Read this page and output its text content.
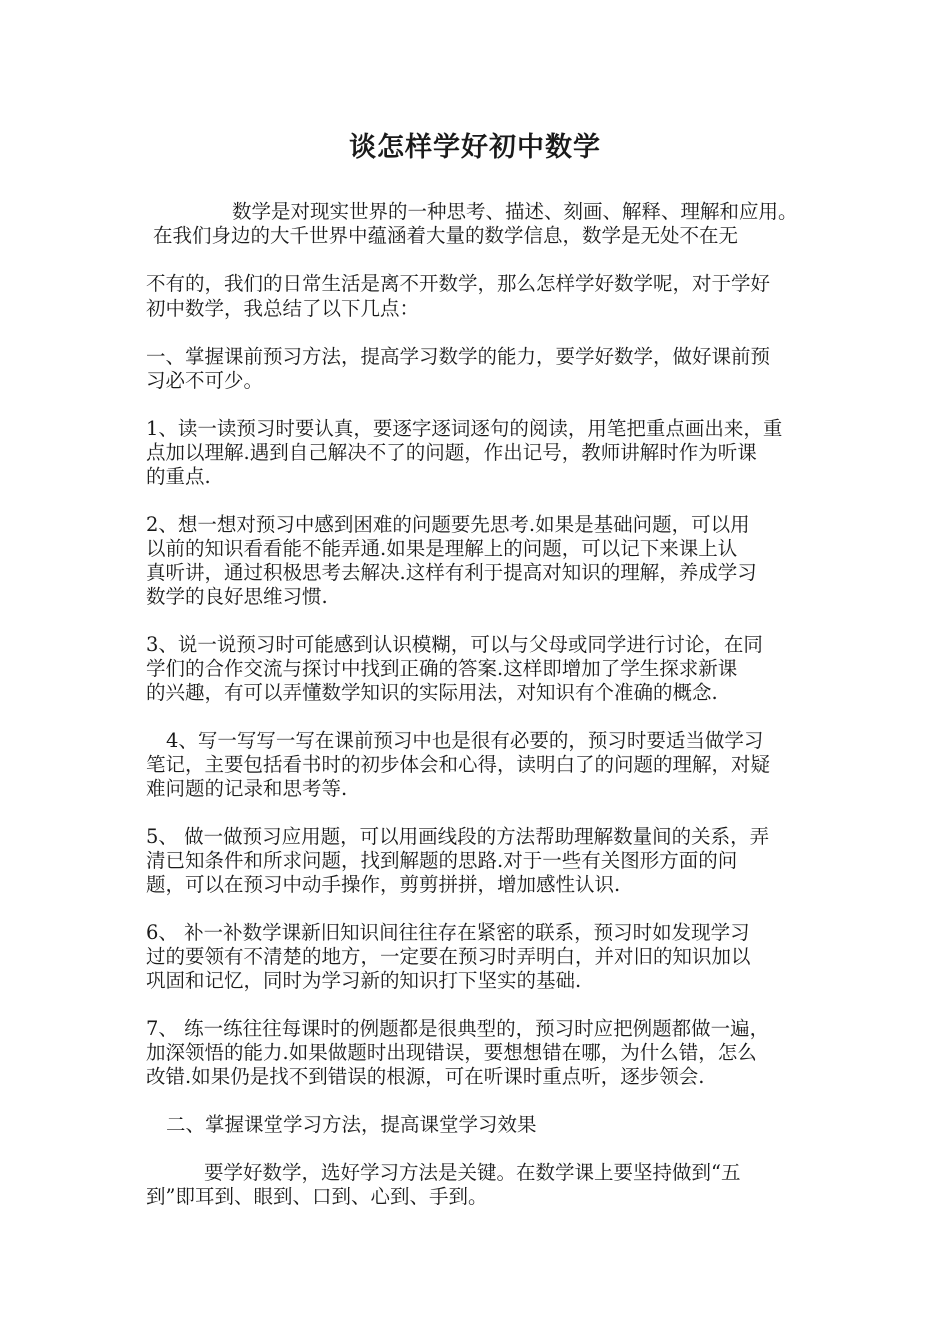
谈怎样学好初中数学
数学是对现实世界的一种思考、描述、刻画、解释、理解和应用。
在我们身边的大千世界中蕴涵着大量的数学信息，数学是无处不在无
不有的，我们的日常生活是离不开数学，那么怎样学好数学呢，对于学好
初中数学，我总结了以下几点：
一、掌握课前预习方法，提高学习数学的能力，要学好数学，做好课前预
习必不可少。
1、读一读预习时要认真，要逐字逐词逐句的阅读，用笔把重点画出来，重
点加以理解.遇到自己解决不了的问题，作出记号，教师讲解时作为听课
的重点.
2、想一想对预习中感到困难的问题要先思考.如果是基础问题，可以用
以前的知识看看能不能弄通.如果是理解上的问题，可以记下来课上认
真听讲，通过积极思考去解决.这样有利于提高对知识的理解，养成学习
数学的良好思维习惯.
3、说一说预习时可能感到认识模糊，可以与父母或同学进行讨论，在同
学们的合作交流与探讨中找到正确的答案.这样即增加了学生探求新课
的兴趣，有可以弄懂数学知识的实际用法，对知识有个准确的概念.
4、写一写写一写在课前预习中也是很有必要的，预习时要适当做学习
笔记，主要包括看书时的初步体会和心得，读明白了的问题的理解，对疑
难问题的记录和思考等.
5、 做一做预习应用题，可以用画线段的方法帮助理解数量间的关系，弄
清已知条件和所求问题，找到解题的思路.对于一些有关图形方面的问
题，可以在预习中动手操作，剪剪拼拼，增加感性认识.
6、 补一补数学课新旧知识间往往存在紧密的联系，预习时如发现学习
过的要领有不清楚的地方，一定要在预习时弄明白，并对旧的知识加以
巩固和记忆，同时为学习新的知识打下坚实的基础.
7、 练一练往往每课时的例题都是很典型的，预习时应把例题都做一遍，
加深领悟的能力.如果做题时出现错误，要想想错在哪，为什么错，怎么
改错.如果仍是找不到错误的根源，可在听课时重点听，逐步领会.
二、掌握课堂学习方法，提高课堂学习效果
要学好数学，选好学习方法是关键。在数学课上要坚持做到“五
到”即耳到、眼到、口到、心到、手到。
